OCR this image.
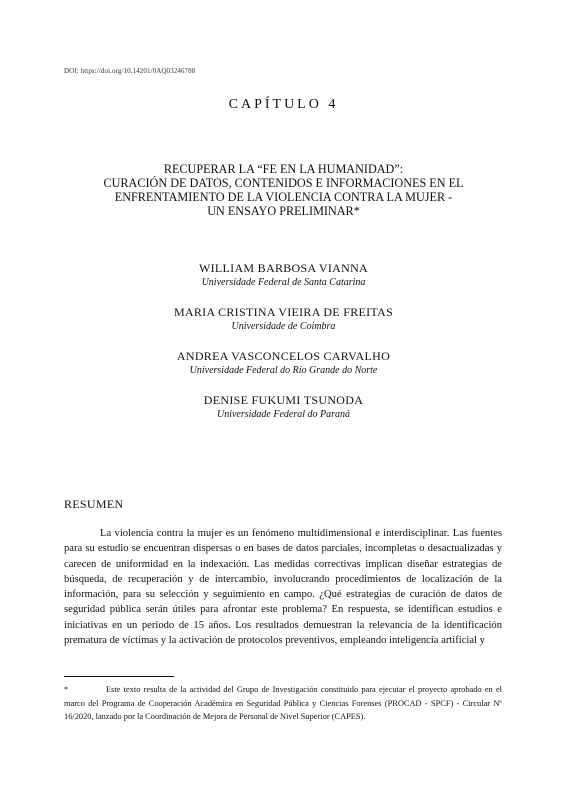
DOI: https://doi.org/10.14201/0AQ03246788
CAPÍTULO 4
RECUPERAR LA “FE EN LA HUMANIDAD”:
CURACIÓN DE DATOS, CONTENIDOS E INFORMACIONES EN EL
ENFRENTAMIENTO DE LA VIOLENCIA CONTRA LA MUJER -
UN ENSAYO PRELIMINAR*
WILLIAM BARBOSA VIANNA
Universidade Federal de Santa Catarina
MARIA CRISTINA VIEIRA DE FREITAS
Universidade de Coimbra
ANDREA VASCONCELOS CARVALHO
Universidade Federal do Rio Grande do Norte
DENISE FUKUMI TSUNODA
Universidade Federal do Paraná
RESUMEN

La violencia contra la mujer es un fenómeno multidimensional e interdisciplinar. Las fuentes para su estudio se encuentran dispersas o en bases de datos parciales, incompletas o desactualizadas y carecen de uniformidad en la indexación. Las medidas correctivas implican diseñar estrategias de búsqueda, de recuperación y de intercambio, involucrando procedimientos de localización de la información, para su selección y seguimiento en campo. ¿Qué estrategias de curación de datos de seguridad pública serán útiles para afrontar este problema? En respuesta, se identifican estudios e iniciativas en un periodo de 15 años. Los resultados demuestran la relevancia de la identificación prematura de víctimas y la activación de protocolos preventivos, empleando inteligencia artificial y

*	Este texto resulta de la actividad del Grupo de Investigación constituido para ejecutar el proyecto aprobado en el marco del Programa de Cooperación Académica en Seguridad Pública y Ciencias Forenses (PROCAD - SPCF) - Circular Nº 16/2020, lanzado por la Coordinación de Mejora de Personal de Nivel Superior (CAPES).
